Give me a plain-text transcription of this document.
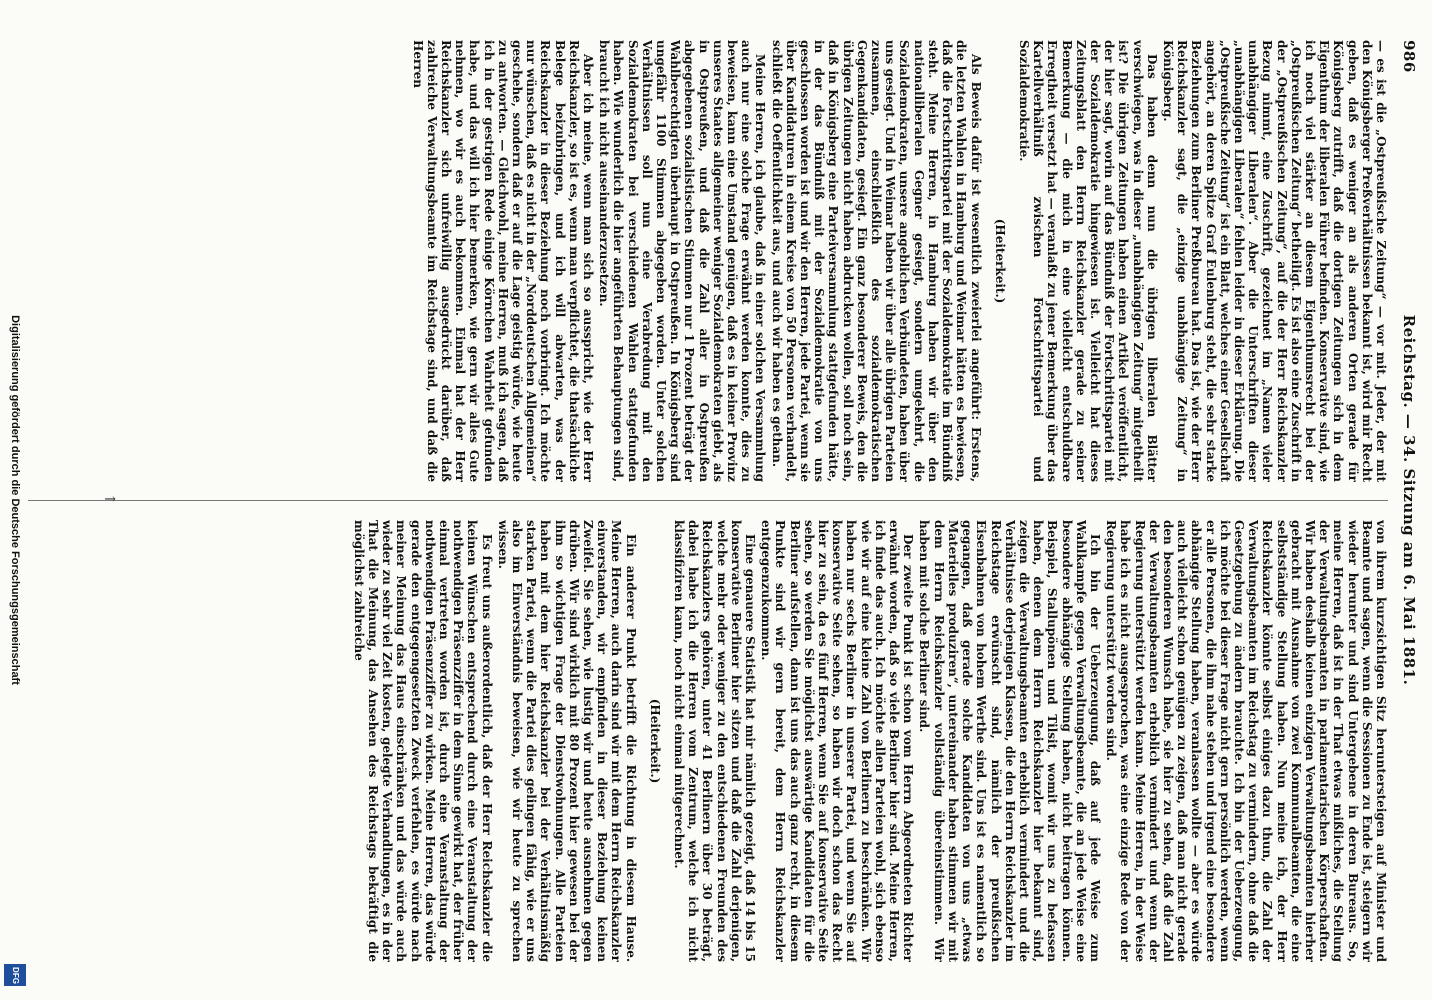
986
Reichstag. — 34. Sitzung am 6. Mai 1881.

— es ist die „Ostpreußische Zeitung“ — vor mit. Jeder, der mit den Königsberger Preßverhältnissen bekannt ist, wird mir Recht geben, daß es weniger an als anderen Orten gerade für Königsberg zutrifft, daß die dortigen Zeitungen sich in dem Eigenthum der liberalen Führer befinden. Konservative sind, wie ich noch viel stärker an diesem Eigenthumsrecht bei der „Ostpreußischen Zeitung“ betheiligt. Es ist also eine Zuschrift in der „Ostpreußischen Zeitung“, auf die der Herr Reichskanzler Bezug nimmt, eine Zuschrift, gezeichnet im „Namen vieler unabhängiger Liberalen“. Aber die Unterschriften dieser „unabhängigen Liberalen“ fehlen leider in dieser Erklärung. Die „Ostpreußische Zeitung“ ist ein Blatt, welches einer Gesellschaft angehört, an deren Spitze Graf Eulenburg steht, die sehr starke Beziehungen zum Berliner Preßbureau hat. Das ist, wie der Herr Reichskanzler sagt, die „einzige unabhängige Zeitung“ in Königsberg.

Das haben denn nun die übrigen liberalen Blätter verschwiegen, was in dieser „unabhängigen Zeitung“ mitgetheilt ist? Die übrigen Zeitungen haben einen Artikel veröffentlicht, der hier sagt, worin auf das Bündniß der Fortschrittspartei mit der Sozialdemokratie hingewiesen ist. Vielleicht hat dieses Zeitungsblatt den Herrn Reichskanzler gerade zu seiner Bemerkung — die mich in eine vielleicht entschuldbare Erregtheit versetzt hat — veranlaßt zu jener Bemerkung über das Kartellverhältniß zwischen Fortschrittspartei und Sozialdemokratie.

(Heiterkeit.)

Als Beweis dafür ist wesentlich zweierlei angeführt: Erstens, die letzten Wahlen in Hamburg und Weimar hätten es bewiesen, daß die Fortschrittspartei mit der Sozialdemokratie im Bündniß steht. Meine Herren, in Hamburg haben wir über den nationalliberalen Gegner gesiegt, sondern umgekehrt, die Sozialdemokraten, unsere angeblichen Verbündeten, haben über uns gesiegt. Und in Weimar haben wir über alle übrigen Parteien zusammen, einschließlich des sozialdemokratischen Gegenkandidaten, gesiegt. Ein ganz besonderer Beweis, den die übrigen Zeitungen nicht haben abdrucken wollen, soll noch sein, daß in Königsberg eine Parteiversammlung stattgefunden hätte, in der das Bündniß mit der Sozialdemokratie von uns geschlossen worden ist und wir den Herren, jede Partei, wenn sie über Kandidaturen in einem Kreise von 50 Personen verhandelt, schließt die Oeffentlichkeit aus, und auch wir haben es gethan.

Meine Herren, ich glaube, daß in einer solchen Versammlung auch nur eine solche Frage erwähnt werden konnte, dies zu beweisen, kann eine Umstand genügen, daß es in keiner Provinz unseres Staates allgemeiner weniger Sozialdemokraten giebt, als in Ostpreußen, und daß die Zahl aller in Ostpreußen abgegebenen sozialistischen Stimmen nur 1 Prozent beträgt der Wahlberechtigten überhaupt in Ostpreußen. In Königsberg sind ungefähr 1100 Stimmen abgegeben worden. Unter solchen Verhältnissen soll nun eine Verabredung mit den Sozialdemokraten bei verschiedenen Wahlen stattgefunden haben. Wie wunderlich die hier angeführten Behauptungen sind, braucht ich nicht auseinanderzusetzen.

Aber ich meine, wenn man sich so ausspricht, wie der Herr Reichskanzler, so ist es, wenn man verpflichtet, die thatsächliche Belege beizubringen, und ich will abwarten, was der Reichskanzler in dieser Beziehung noch vorbringt. Ich möchte nur wünschen, daß es nicht in der „Norddeutschen Allgemeinen“ geschehe, sondern daß er auf die Lage geistig würde, wie heute zu antworten. — Gleichwohl, meine Herren, muß ich sagen, daß ich in der gestrigen Rede einige Körnchen Wahrheit gefunden habe, und das will ich hier bemerken, wie gern wir alles Gute nehmen, wo wir es auch bekommen. Einmal hat der Herr Reichskanzler sich unfreiwillig ausgedrückt darüber, daß zahlreiche Verwaltungsbeamte im Reichstage sind, und daß die Herren

↑

von ihrem kurzsichtigen Sitz heruntersteigen auf Minister und Beamte und sagen, wenn die Sessionen zu Ende ist, steigern wir wieder herunter und sind Untergebene in deren Bureaus. So, meine Herren, daß ist in der That etwas mißliches, die Stellung der Verwaltungsbeamten in parlamentarischen Körperschaften. Wir haben deshalb keinen einzigen Verwaltungsbeamten hierher gebracht mit Ausnahme von zwei Kommunalbeamten, die eine selbstständige Stellung haben. Nun meine ich, der Herr Reichskanzler könnte selbst einiges dazu thun, die Zahl der Verwaltungsbeamten im Reichstag zu vermindern, ohne daß die Gesetzgebung zu ändern brauchte. Ich bin der Ueberzeugung, ich möchte bei dieser Frage nicht gern persönlich werden, wenn er alle Personen, die ihm nahe stehen und irgend eine besondere abhängige Stellung haben, veranlassen wollte — aber es würde auch vielleicht schon genügen zu zeigen, daß man nicht gerade den besonderen Wunsch habe, sie hier zu sehen, daß die Zahl der Verwaltungsbeamten erheblich vermindert und wenn der Regierung unterstützt werden kann. Meine Herren, in der Weise habe ich es nicht ausgesprochen, was eine einzige Rede von der Regierung unterstützt worden sind.

Ich bin der Ueberzeugung, daß auf jede Weise zum Wahlkampfe gegen Verwaltungsbeamte, die an jede Weise eine besondere abhängige Stellung haben, nicht beitragen können. Beispiel, Stallupönen und Tilsit, womit wir uns zu befassen haben, denen dem Herrn Reichskanzler hier bekannt sind, zeigen die Verwaltungsbeamten erheblich vermindert und die Verhältnisse derjenigen Klassen, die den Herrn Reichskanzler im Reichstage erwünscht sind, nämlich der preußischen Eisenbahnen von hohem Werthe sind. Uns ist es namentlich so gegangen, daß gerade solche Kandidaten von uns „etwas Materielles produziren“, untereinander haben stimmen wir mit dem Herrn Reichskanzler vollständig übereinstimmen. Wir haben mit solche Berliner sind.

Der zweite Punkt ist schon vom Herrn Abgeordneten Richter erwähnt worden, daß so viele Berliner hier sind. Meine Herren, ich finde das auch. Ich möchte allen Parteien wohl, sich ebenso wie wir auf eine kleine Zahl von Berlinern zu beschränken. Wir haben nur sechs Berliner in unserer Partei, und wenn Sie auf konservative Seite sehen, so haben wir doch schon das Recht hier zu sein, da es fünf Herren, wenn Sie auf konservative Seite sehen, so werden Sie möglichst auswärtige Kandidaten für die Berliner aufstellen, dann ist uns das auch ganz recht, in diesem Punkte sind wir gern bereit, dem Herrn Reichskanzler entgegenzukommen.

Eine genauere Statistik hat mir nämlich gezeigt, daß 14 bis 15 konservative Berliner hier sitzen und daß die Zahl derjenigen, welche mehr oder weniger zu den entschiedenen Freunden des Reichskanzlers gehören, unter 41 Berlinern über 30 beträgt, dabei habe ich die Herren vom Zentrum, welche ich nicht klassifiziren kann, noch nicht einmal mitgerechnet.

(Heiterkeit.)

Ein anderer Punkt betrifft die Richtung in diesem Hause. Meine Herren, auch darin sind wir mit dem Herrn Reichskanzler einverstanden, wir empfinden in dieser Beziehung keinen Zweifel. Sie sehen, wie lustig wir und heute ausnehmen gegen drüben. Wir sind wirklich mit 80 Prozent hier gewesen bei der ihm so wichtigen Frage der Dienstwohnungen. Alle Parteien haben mit dem hier Reichskanzler bei der Verhältnismäßig starken Partei, wenn die Partei dies gelingen fähig, wie er uns also im Einverständnis beweisen, wie wir heute zu sprechen wissen.

Es freut uns außerordentlich, daß der Herr Reichskanzler die keinen Wünschen entsprechend durch eine Veranstaltung der nothwendigen Präsenzziffer in dem Sinne gewirkt hat, der früher einmal vertreten worden ist, durch eine Veranstaltung der nothwendigen Präsenzziffer zu wirken. Meine Herren, das würde gerade den entgegengesetzten Zweck verfehlen, es würde nach meiner Meinung das Haus einschränken und das würde auch wieder zu sehr viel Zeit kosten, gelegte Verhandlungen, es in der That die Meinung, das Ansehen des Reichstags bekräftigt die möglichst zahlreiche

Digitalisierung gefördert durch die Deutsche Forschungsgemeinschaft
DFG
